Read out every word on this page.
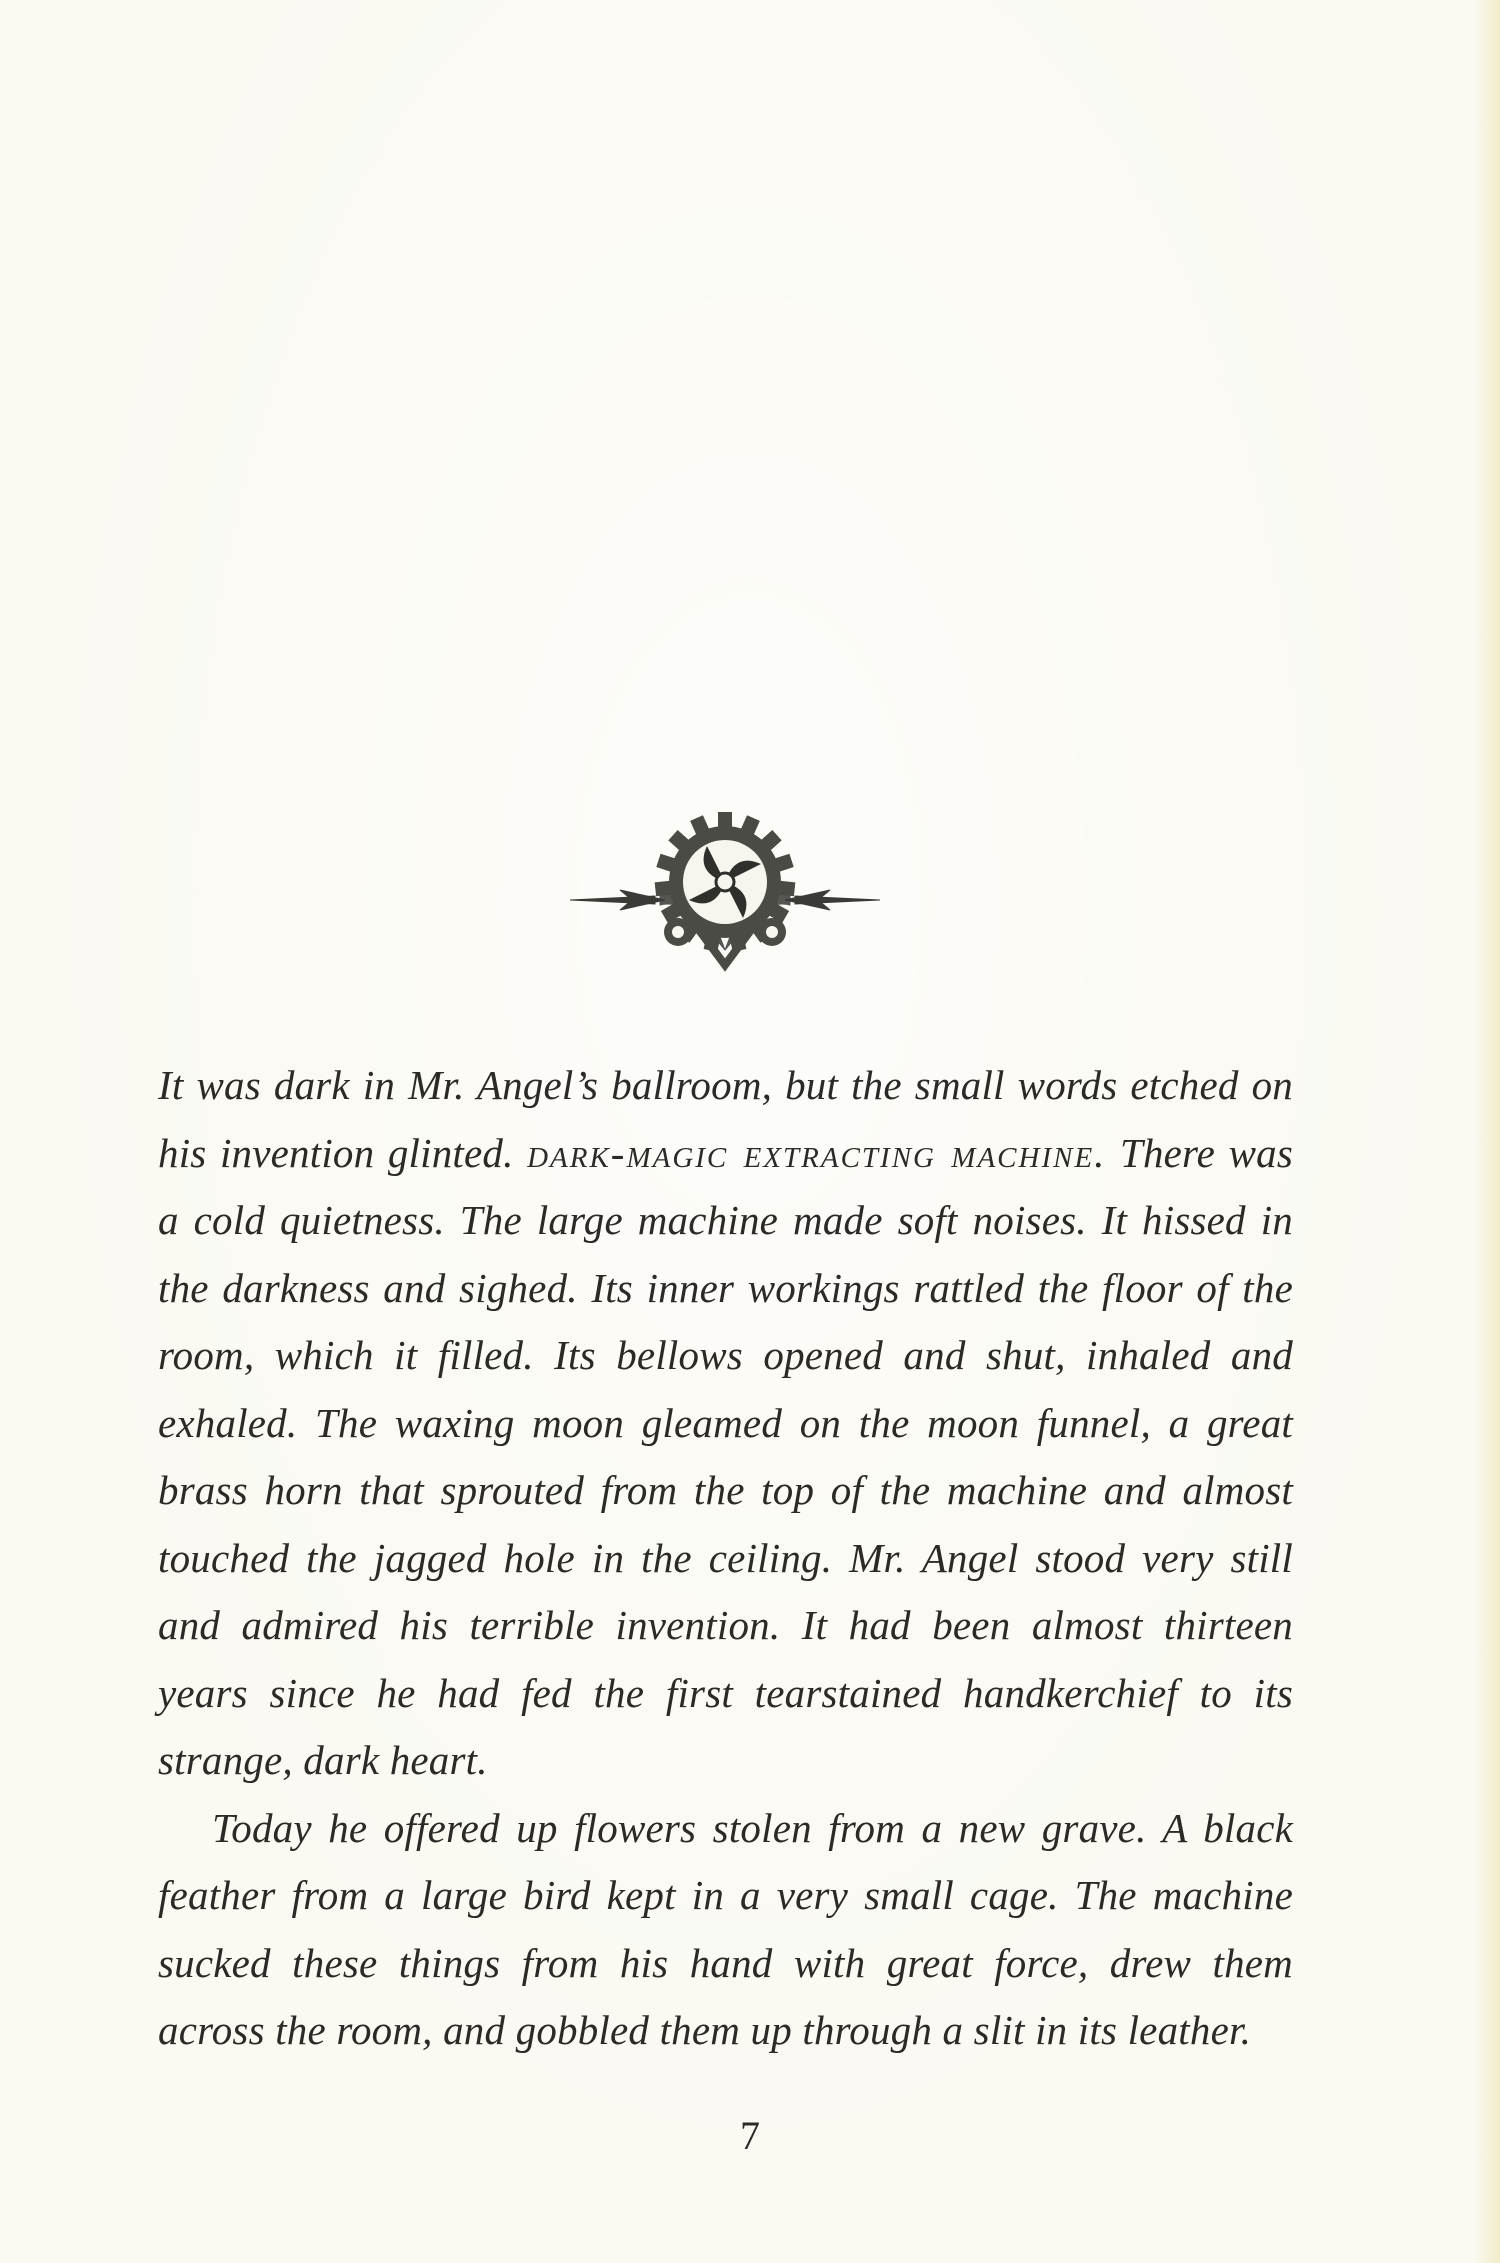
It was dark in Mr. Angel’s ballroom, but the small words etched on his invention glinted. dark-magic extracting machine. There was a cold quietness. The large machine made soft noises. It hissed in the darkness and sighed. Its inner workings rattled the floor of the room, which it filled. Its bellows opened and shut, inhaled and exhaled. The waxing moon gleamed on the moon funnel, a great brass horn that sprouted from the top of the machine and almost touched the jagged hole in the ceiling. Mr. Angel stood very still and admired his terrible invention. It had been almost thirteen years since he had fed the first tearstained handkerchief to its strange, dark heart.

Today he offered up flowers stolen from a new grave. A black feather from a large bird kept in a very small cage. The machine sucked these things from his hand with great force, drew them across the room, and gobbled them up through a slit in its leather.

7
